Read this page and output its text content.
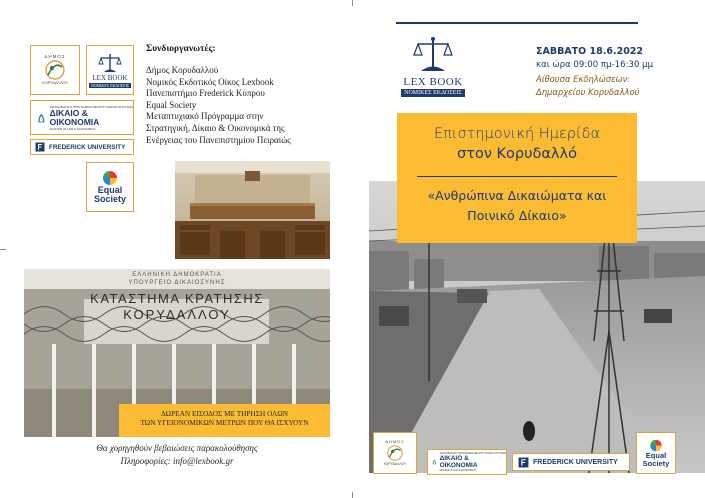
ΔΗΜΟΣ
ΚΟΡΥΔΑΛΛΟΥ
LEX BOOK
ΝΟΜΙΚΕΣ ΕΚΔΟΣΕΙΣ
ΔΙΑΤΜΗΜΑΤΙΚΟ ΠΡΟΓΡΑΜΜΑ ΜΕΤΑΠΤΥΧΙΑΚΩΝ ΣΠΟΥΔΩΝ
ΔΙΚΑΙΟ &
ΟΙΚΟΝΟΜΙΑ
MASTER IN LAW & ECONOMICS
FREDERICK UNIVERSITY
Equal
Society
Συνδιοργανωτές:
Δήμος Κορυδαλλού
Νομικός Εκδοτικός Οίκος Lexbook
Πανεπιστήμιο Frederick Κύπρου
Equal Society
Μεταπτυχιακό Πρόγραμμα στην
Στρατηγική, Δίκαιο & Οικονομικά της
Ενέργειας του Πανεπιστημίου Πειραιώς
ΕΛΛΗΝΙΚΗ ΔΗΜΟΚΡΑΤΙΑ
ΥΠΟΥΡΓΕΙΟ ΔΙΚΑΙΟΣΥΝΗΣ
ΚΑΤΑΣΤΗΜΑ ΚΡΑΤΗΣΗΣ
ΚΟΡΥΔΑΛΛΟΥ
ΔΩΡΕΑΝ ΕΙΣΟΔΟΣ ΜΕ ΤΗΡΗΣΗ ΟΛΩΝ
ΤΩΝ ΥΓΕΙΟΝΟΜΙΚΩΝ ΜΕΤΡΩΝ ΠΟΥ ΘΑ ΙΣΧΥΟΥΝ
Θα χορηγηθούν βεβαιώσεις παρακολούθησης
Πληροφορίες: info@lexbook.gr
LEX BOOK
ΝΟΜΙΚΕΣ ΕΚΔΟΣΕΙΣ
ΣΑΒΒΑΤΟ 18.6.2022
και ώρα 09:00 πμ-16:30 μμ
Αίθουσα Εκδηλώσεων:
Δημαρχείου Κορυδαλλού
Επιστημονική Ημερίδα
στον Κορυδαλλό
«Ανθρώπινα Δικαιώματα και
Ποινικό Δίκαιο»
ΔΗΜΟΣ
ΚΟΡΥΔΑΛΛΟΥ
ΔΙΑΤΜΗΜΑΤΙΚΟ ΠΡΟΓΡΑΜΜΑ ΜΕΤΑΠΤΥΧΙΑΚΩΝ ΣΠΟΥΔΩΝ
ΔΙΚΑΙΟ &
ΟΙΚΟΝΟΜΙΑ
MASTER IN LAW & ECONOMICS
FREDERICK UNIVERSITY
Equal
Society
